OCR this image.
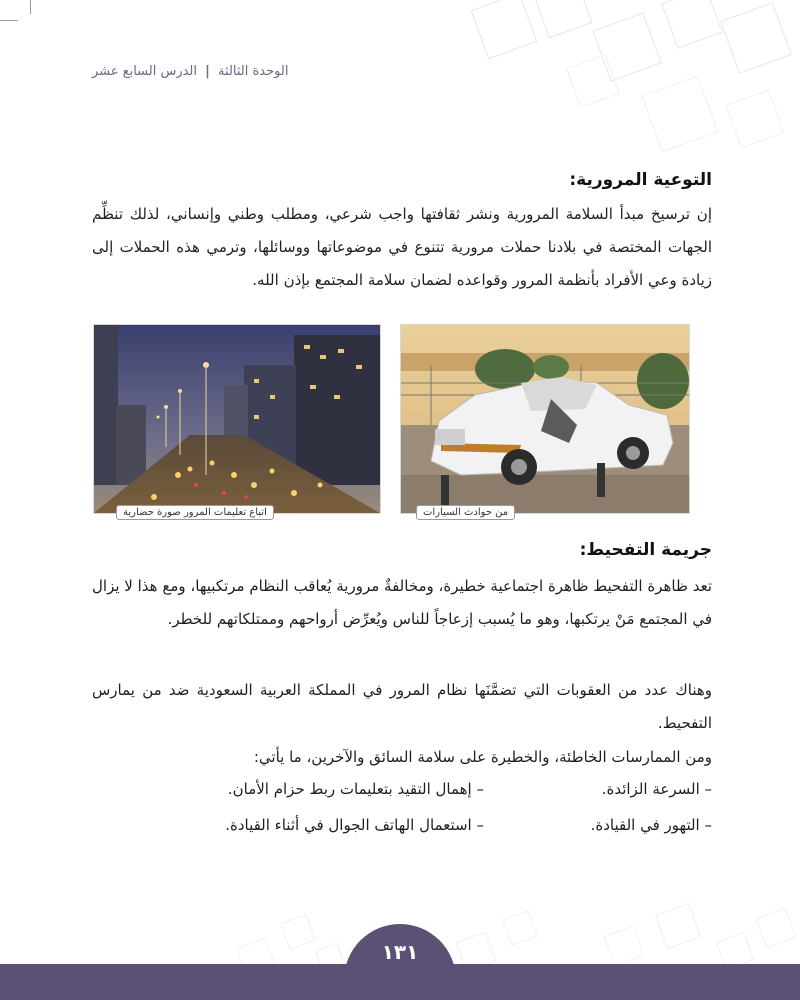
الدرس السابع عشر | الوحدة الثالثة
التوعية المرورية:
إن ترسيخ مبدأ السلامة المرورية ونشر ثقافتها واجب شرعي، ومطلب وطني وإنساني، لذلك تنظِّم الجهات المختصة في بلادنا حملات مرورية تتنوع في موضوعاتها ووسائلها، وترمي هذه الحملات إلى زيادة وعي الأفراد بأنظمة المرور وقواعده لضمان سلامة المجتمع بإذن الله.
من حوادث السيارات
اتباع تعليمات المرور صورة حضارية
جريمة التفحيط:
تعد ظاهرة التفحيط ظاهرة اجتماعية خطيرة، ومخالفةٌ مرورية يُعاقب النظام مرتكبيها، ومع هذا لا يزال في المجتمع مَنْ يرتكبها، وهو ما يُسبب إزعاجاً للناس ويُعرِّض أرواحهم وممتلكاتهم للخطر.
وهناك عدد من العقوبات التي تضمَّنَها نظام المرور في المملكة العربية السعودية ضد من يمارس التفحيط.
ومن الممارسات الخاطئة، والخطيرة على سلامة السائق والآخرين، ما يأتي:
– السرعة الزائدة.
– إهمال التقيد بتعليمات ربط حزام الأمان.
– التهور في القيادة.
– استعمال الهاتف الجوال في أثناء القيادة.
١٣١
